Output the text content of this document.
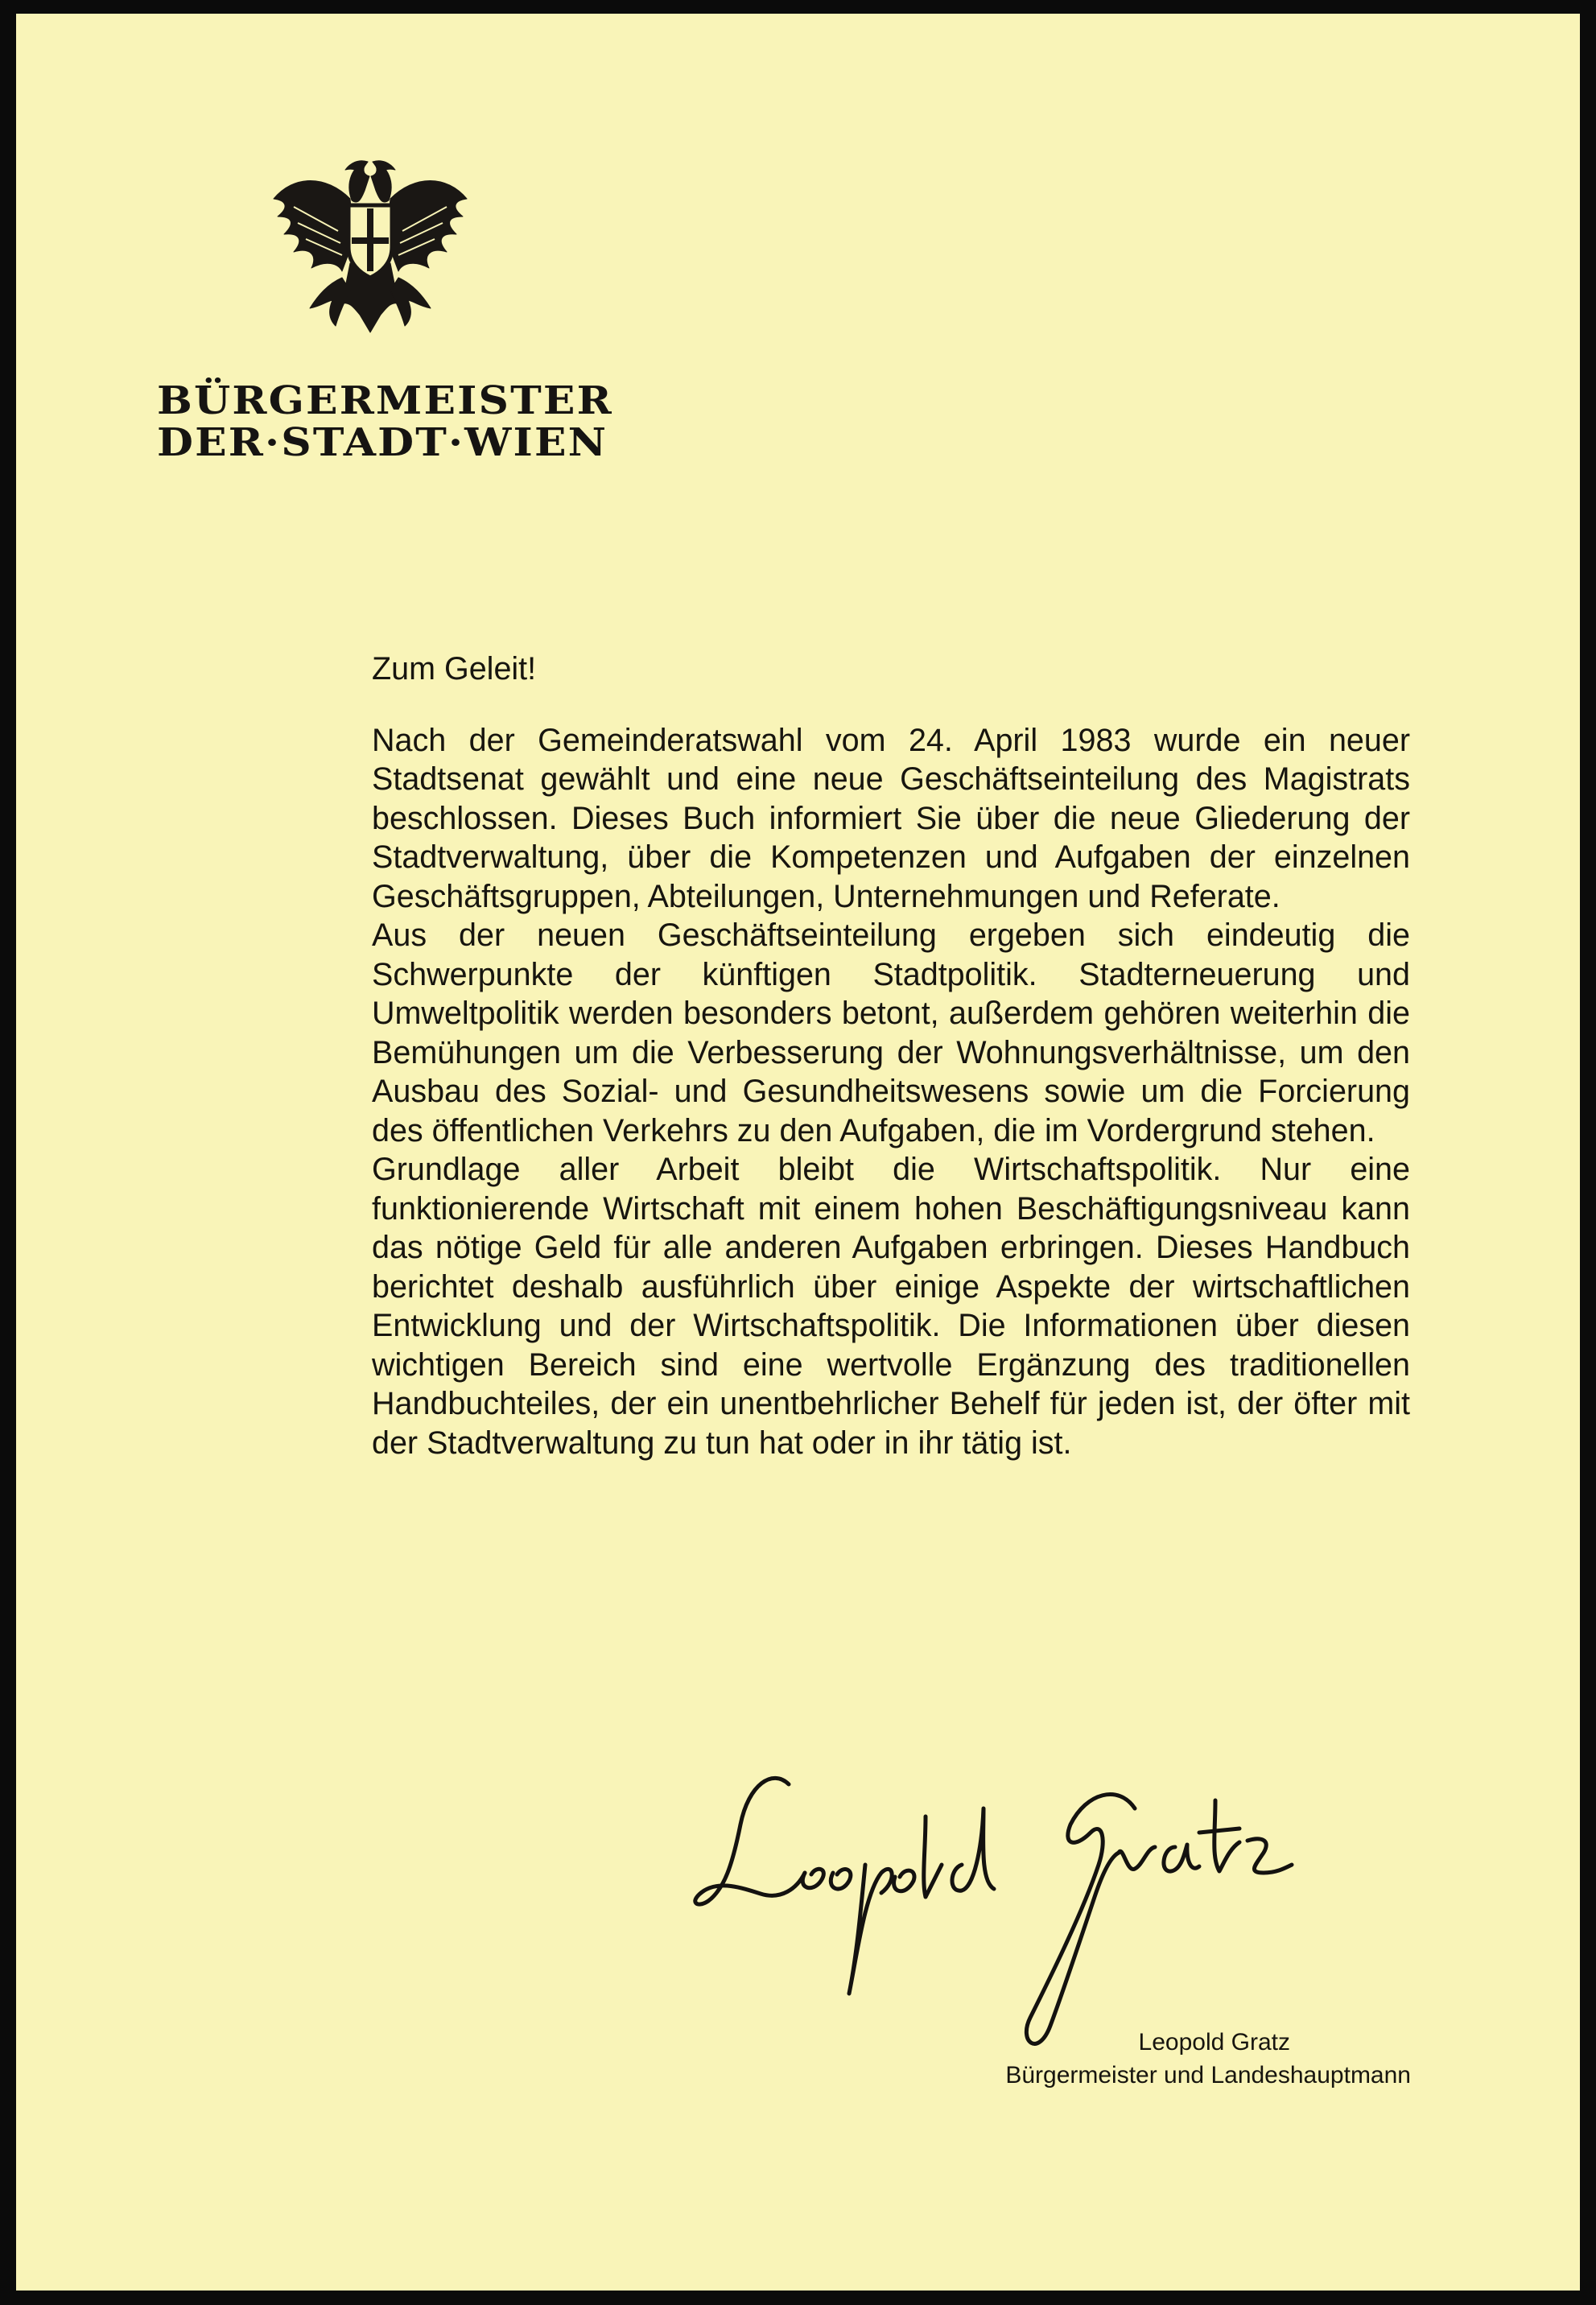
BÜRGERMEISTER
DER·STADT·WIEN

Zum Geleit!

Nach der Gemeinderatswahl vom 24. April 1983 wurde ein neuer Stadtsenat gewählt und eine neue Geschäftseinteilung des Magistrats beschlossen. Dieses Buch informiert Sie über die neue Gliederung der Stadtverwaltung, über die Kompetenzen und Aufgaben der einzelnen Geschäftsgruppen, Abteilungen, Unternehmungen und Referate.

Aus der neuen Geschäftseinteilung ergeben sich eindeutig die Schwerpunkte der künftigen Stadtpolitik. Stadterneuerung und Umweltpolitik werden besonders betont, außerdem gehören weiterhin die Bemühungen um die Verbesserung der Wohnungsverhältnisse, um den Ausbau des Sozial- und Gesundheitswesens sowie um die Forcierung des öffentlichen Verkehrs zu den Aufgaben, die im Vordergrund stehen.

Grundlage aller Arbeit bleibt die Wirtschaftspolitik. Nur eine funktionierende Wirtschaft mit einem hohen Beschäftigungsniveau kann das nötige Geld für alle anderen Aufgaben erbringen. Dieses Handbuch berichtet deshalb ausführlich über einige Aspekte der wirtschaftlichen Entwicklung und der Wirtschaftspolitik. Die Informationen über diesen wichtigen Bereich sind eine wertvolle Ergänzung des traditionellen Handbuchteiles, der ein unentbehrlicher Behelf für jeden ist, der öfter mit der Stadtverwaltung zu tun hat oder in ihr tätig ist.

Leopold Gratz
Bürgermeister und Landeshauptmann
